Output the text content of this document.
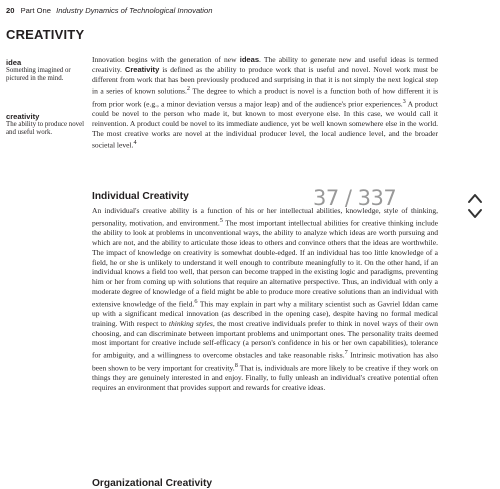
20 Part One Industry Dynamics of Technological Innovation
CREATIVITY
idea
Something imagined or pictured in the mind.
creativity
The ability to produce novel and useful work.

Innovation begins with the generation of new ideas. The ability to generate new and useful ideas is termed creativity. Creativity is defined as the ability to produce work that is useful and novel. Novel work must be different from work that has been previously produced and surprising in that it is not simply the next logical step in a series of known solutions.$^2$ The degree to which a product is novel is a function both of how different it is from prior work (e.g., a minor deviation versus a major leap) and of the audience's prior experiences.$^3$ A product could be novel to the person who made it, but known to most everyone else. In this case, we would call it reinvention. A product could be novel to its immediate audience, yet be well known somewhere else in the world. The most creative works are novel at the individual producer level, the local audience level, and the broader societal level.$^4$

Individual Creativity

An individual's creative ability is a function of his or her intellectual abilities, knowledge, style of thinking, personality, motivation, and environment.$^5$ The most important intellectual abilities for creative thinking include the ability to look at problems in unconventional ways, the ability to analyze which ideas are worth pursuing and which are not, and the ability to articulate those ideas to others and convince others that the ideas are worthwhile. The impact of knowledge on creativity is somewhat double-edged. If an individual has too little knowledge of a field, he or she is unlikely to understand it well enough to contribute meaningfully to it. On the other hand, if an individual knows a field too well, that person can become trapped in the existing logic and paradigms, preventing him or her from coming up with solutions that require an alternative perspective. Thus, an individual with only a moderate degree of knowledge of a field might be able to produce more creative solutions than an individual with extensive knowledge of the field.$^6$ This may explain in part why a military scientist such as Gavriel Iddan came up with a significant medical innovation (as described in the opening case), despite having no formal medical training. With respect to thinking styles, the most creative individuals prefer to think in novel ways of their own choosing, and can discriminate between important problems and unimportant ones. The personality traits deemed most important for creative include self-efficacy (a person's confidence in his or her own capabilities), tolerance for ambiguity, and a willingness to overcome obstacles and take reasonable risks.$^7$ Intrinsic motivation has also been shown to be very important for creativity.$^8$ That is, individuals are more likely to be creative if they work on things they are genuinely interested in and enjoy. Finally, to fully unleash an individual's creative potential often requires an environment that provides support and rewards for creative ideas.

Organizational Creativity
37 / 337
